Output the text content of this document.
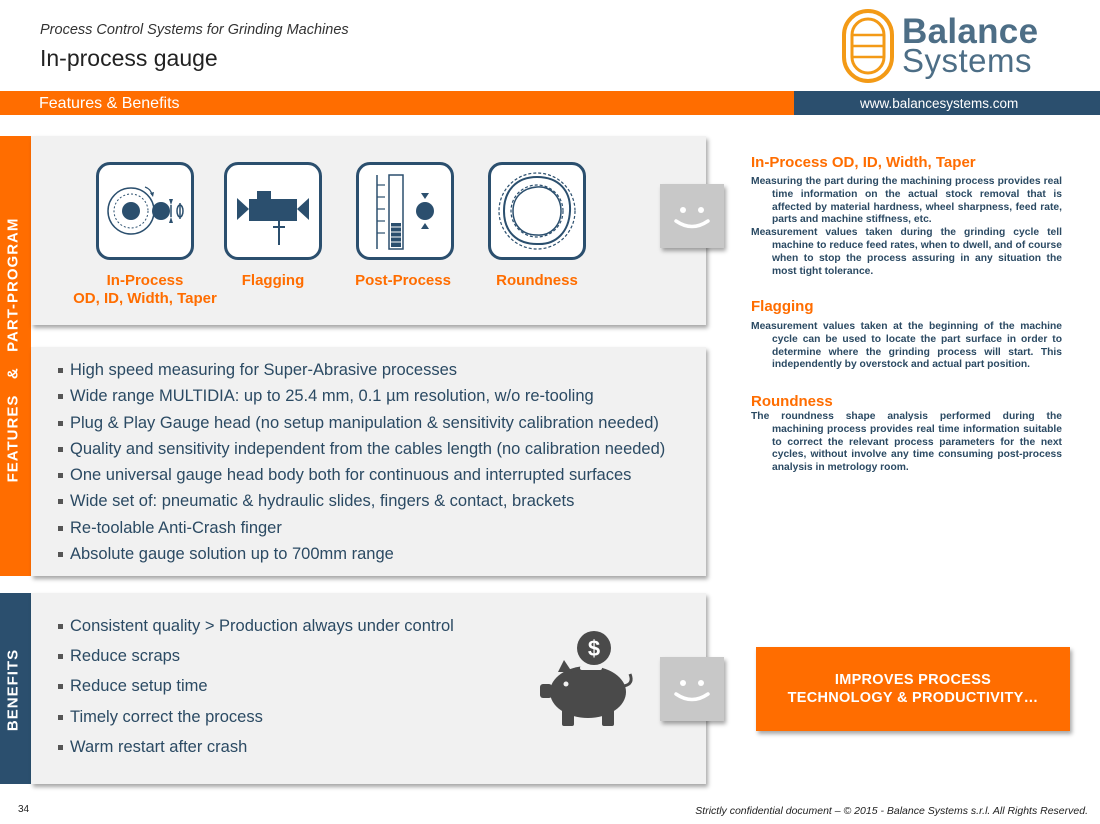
Process Control Systems for Grinding Machines
In-process gauge
Balance
Systems
Features & Benefits	www.balancesystems.com
FEATURES   &   PART-PROGRAM
BENEFITS
In-Process
OD, ID, Width, Taper
Flagging	Post-Process	Roundness
High speed measuring for Super-Abrasive processes
Wide range MULTIDIA: up to 25.4 mm, 0.1 µm resolution, w/o re-tooling
Plug & Play Gauge head (no setup manipulation & sensitivity calibration needed)
Quality and sensitivity independent from the cables length (no calibration needed)
One universal gauge head body both for continuous and interrupted surfaces
Wide set of: pneumatic & hydraulic slides, fingers & contact, brackets
Re-toolable Anti-Crash finger
Absolute gauge solution up to 700mm range
Consistent quality > Production always under control
Reduce scraps
Reduce setup time
Timely correct the process
Warm restart after crash
$
In-Process OD, ID, Width, Taper
Measuring the part during the machining process provides real time information on the actual stock removal that is affected by material hardness, wheel sharpness, feed rate, parts and machine stiffness, etc.
Measurement values taken during the grinding cycle tell machine to reduce feed rates, when to dwell, and of course when to stop the process assuring in any situation the most tight tolerance.
Flagging
Measurement values taken at the beginning of the machine cycle can be used to locate the part surface in order to determine where the grinding process will start. This independently by overstock and actual part position.
Roundness
The roundness shape analysis performed during the machining process provides real time information suitable to correct the relevant process parameters for the next cycles, without involve any time consuming post-process analysis in metrology room.
IMPROVES PROCESS
TECHNOLOGY & PRODUCTIVITY…
34	Strictly confidential document – © 2015 - Balance Systems s.r.l. All Rights Reserved.
